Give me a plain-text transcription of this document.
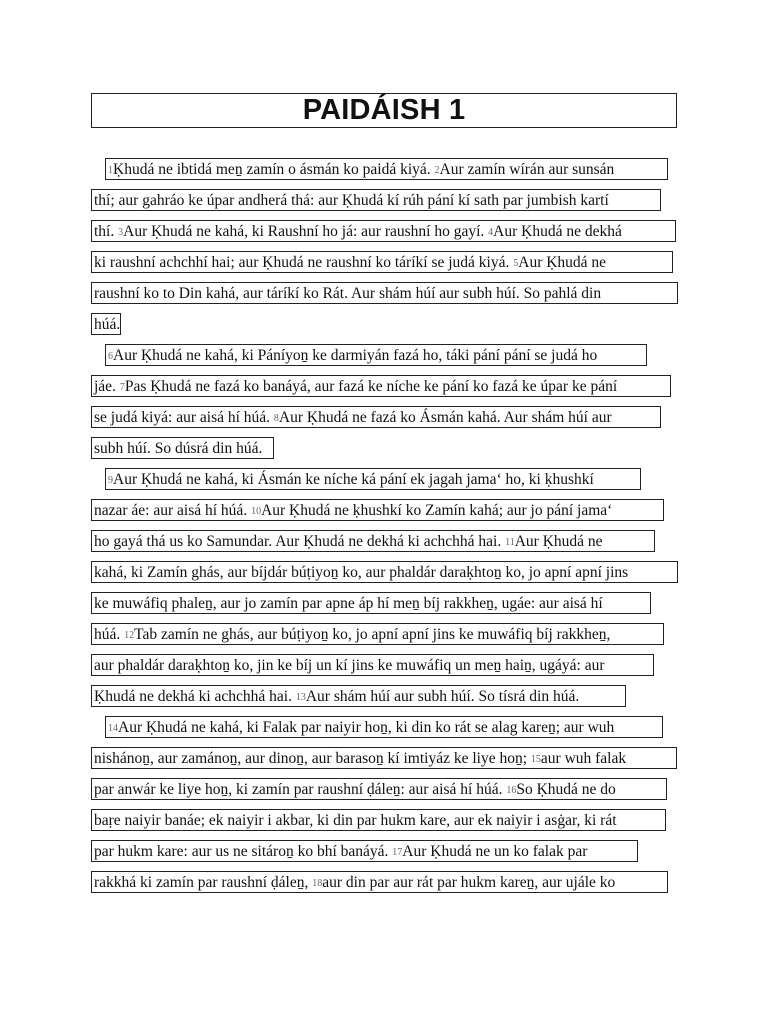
PAIDÁISH 1
1Ḳhudá ne ibtidá meṉ zamín o ásmán ko paidá kiyá. 2Aur zamín wírán aur sunsán
thí; aur gahráo ke úpar andherá thá: aur Ḳhudá kí rúh pání kí sath par jumbish kartí
thí. 3Aur Ḳhudá ne kahá, ki Raushní ho já: aur raushní ho gayí. 4Aur Ḳhudá ne dekhá
ki raushní achchhí hai; aur Ḳhudá ne raushní ko táríkí se judá kiyá. 5Aur Ḳhudá ne
raushní ko to Din kahá, aur táríkí ko Rát. Aur shám húí aur subh húí. So pahlá din
húá.
6Aur Ḳhudá ne kahá, ki Páníyoṉ ke darmiyán fazá ho, táki pání pání se judá ho
jáe. 7Pas Ḳhudá ne fazá ko banáyá, aur fazá ke níche ke pání ko fazá ke úpar ke pání
se judá kiyá: aur aisá hí húá. 8Aur Ḳhudá ne fazá ko Ásmán kahá. Aur shám húí aur
subh húí. So dúsrá din húá.
9Aur Ḳhudá ne kahá, ki Ásmán ke níche ká pání ek jagah jama‘ ho, ki ḳhushkí
nazar áe: aur aisá hí húá. 10Aur Ḳhudá ne ḳhushkí ko Zamín kahá; aur jo pání jama‘
ho gayá thá us ko Samundar. Aur Ḳhudá ne dekhá ki achchhá hai. 11Aur Ḳhudá ne
kahá, ki Zamín ghás, aur bíjdár búṭiyoṉ ko, aur phaldár daraḳhtoṉ ko, jo apní apní jins
ke muwáfiq phaleṉ, aur jo zamín par apne áp hí meṉ bíj rakkheṉ, ugáe: aur aisá hí
húá. 12Tab zamín ne ghás, aur búṭiyoṉ ko, jo apní apní jins ke muwáfiq bíj rakkheṉ,
aur phaldár daraḳhtoṉ ko, jin ke bíj un kí jins ke muwáfiq un meṉ haiṉ, ugáyá: aur
Ḳhudá ne dekhá ki achchhá hai. 13Aur shám húí aur subh húí. So tísrá din húá.
14Aur Ḳhudá ne kahá, ki Falak par naiyir hoṉ, ki din ko rát se alag kareṉ; aur wuh
nishánoṉ, aur zamánoṉ, aur dinoṉ, aur barasoṉ kí imtiyáz ke liye hoṉ; 15aur wuh falak
par anwár ke liye hoṉ, ki zamín par raushní ḍáleṉ: aur aisá hí húá. 16So Ḳhudá ne do
baṛe naiyir banáe; ek naiyir i akbar, ki din par hukm kare, aur ek naiyir i asġar, ki rát
par hukm kare: aur us ne sitároṉ ko bhí banáyá. 17Aur Ḳhudá ne un ko falak par
rakkhá ki zamín par raushní ḍáleṉ, 18aur din par aur rát par hukm kareṉ, aur ujále ko
